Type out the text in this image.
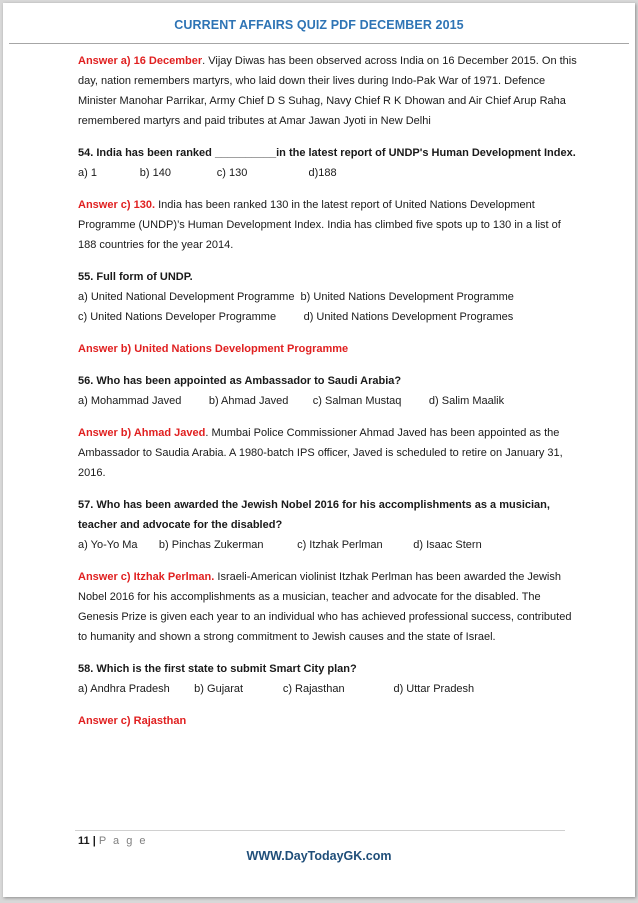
CURRENT AFFAIRS QUIZ PDF DECEMBER 2015

Answer a) 16 December. Vijay Diwas has been observed across India on 16 December 2015. On this day, nation remembers martyrs, who laid down their lives during Indo-Pak War of 1971. Defence Minister Manohar Parrikar, Army Chief D S Suhag, Navy Chief R K Dhowan and Air Chief Arup Raha remembered martyrs and paid tributes at Amar Jawan Jyoti in New Delhi

54. India has been ranked __________in the latest report of UNDP's Human Development Index.

a) 1              b) 140               c) 130                    d)188

Answer c) 130. India has been ranked 130 in the latest report of United Nations Development Programme (UNDP)’s Human Development Index. India has climbed five spots up to 130 in a list of 188 countries for the year 2014.

55. Full form of UNDP.

a) United National Development Programme  b) United Nations Development Programme

c) United Nations Developer Programme         d) United Nations Development Programes

Answer b) United Nations Development Programme

56. Who has been appointed as Ambassador to Saudi Arabia?

a) Mohammad Javed         b) Ahmad Javed        c) Salman Mustaq         d) Salim Maalik

Answer b) Ahmad Javed. Mumbai Police Commissioner Ahmad Javed has been appointed as the Ambassador to Saudia Arabia. A 1980-batch IPS officer, Javed is scheduled to retire on January 31, 2016.

57. Who has been awarded the Jewish Nobel 2016 for his accomplishments as a musician, teacher and advocate for the disabled?

a) Yo-Yo Ma       b) Pinchas Zukerman           c) Itzhak Perlman          d) Isaac Stern

Answer c) Itzhak Perlman. Israeli-American violinist Itzhak Perlman has been awarded the Jewish Nobel 2016 for his accomplishments as a musician, teacher and advocate for the disabled. The Genesis Prize is given each year to an individual who has achieved professional success, contributed to humanity and shown a strong commitment to Jewish causes and the state of Israel.

58. Which is the first state to submit Smart City plan?

a) Andhra Pradesh        b) Gujarat             c) Rajasthan                d) Uttar Pradesh

Answer c) Rajasthan

11 | P a g e
WWW.DayTodayGK.com
